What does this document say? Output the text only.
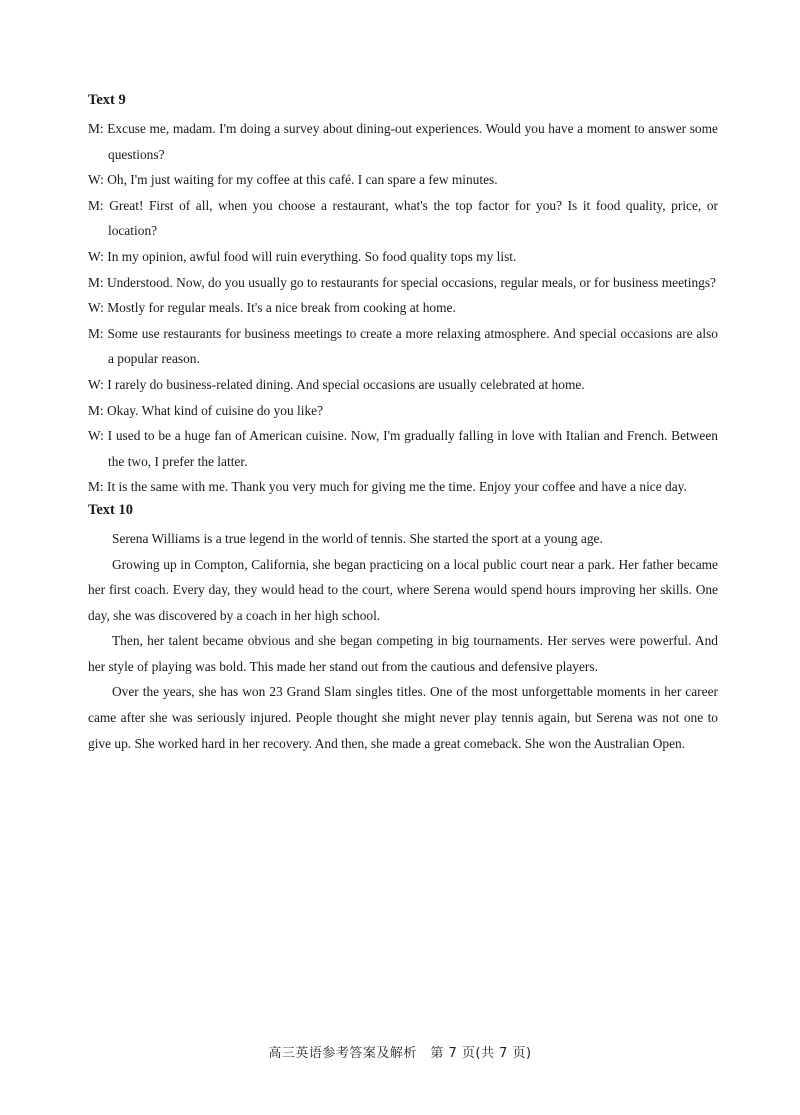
Text 9

M: Excuse me, madam. I'm doing a survey about dining-out experiences. Would you have a moment to answer some questions?

W: Oh, I'm just waiting for my coffee at this café. I can spare a few minutes.

M: Great! First of all, when you choose a restaurant, what's the top factor for you? Is it food quality, price, or location?

W: In my opinion, awful food will ruin everything. So food quality tops my list.

M: Understood. Now, do you usually go to restaurants for special occasions, regular meals, or for business meetings?

W: Mostly for regular meals. It's a nice break from cooking at home.

M: Some use restaurants for business meetings to create a more relaxing atmosphere. And special occasions are also a popular reason.

W: I rarely do business-related dining. And special occasions are usually celebrated at home.

M: Okay. What kind of cuisine do you like?

W: I used to be a huge fan of American cuisine. Now, I'm gradually falling in love with Italian and French. Between the two, I prefer the latter.

M: It is the same with me. Thank you very much for giving me the time. Enjoy your coffee and have a nice day.

Text 10

Serena Williams is a true legend in the world of tennis. She started the sport at a young age.

Growing up in Compton, California, she began practicing on a local public court near a park. Her father became her first coach. Every day, they would head to the court, where Serena would spend hours improving her skills. One day, she was discovered by a coach in her high school.

Then, her talent became obvious and she began competing in big tournaments. Her serves were powerful. And her style of playing was bold. This made her stand out from the cautious and defensive players.

Over the years, she has won 23 Grand Slam singles titles. One of the most unforgettable moments in her career came after she was seriously injured. People thought she might never play tennis again, but Serena was not one to give up. She worked hard in her recovery. And then, she made a great comeback. She won the Australian Open.

高三英语参考答案及解析　第 7 页(共 7 页)
